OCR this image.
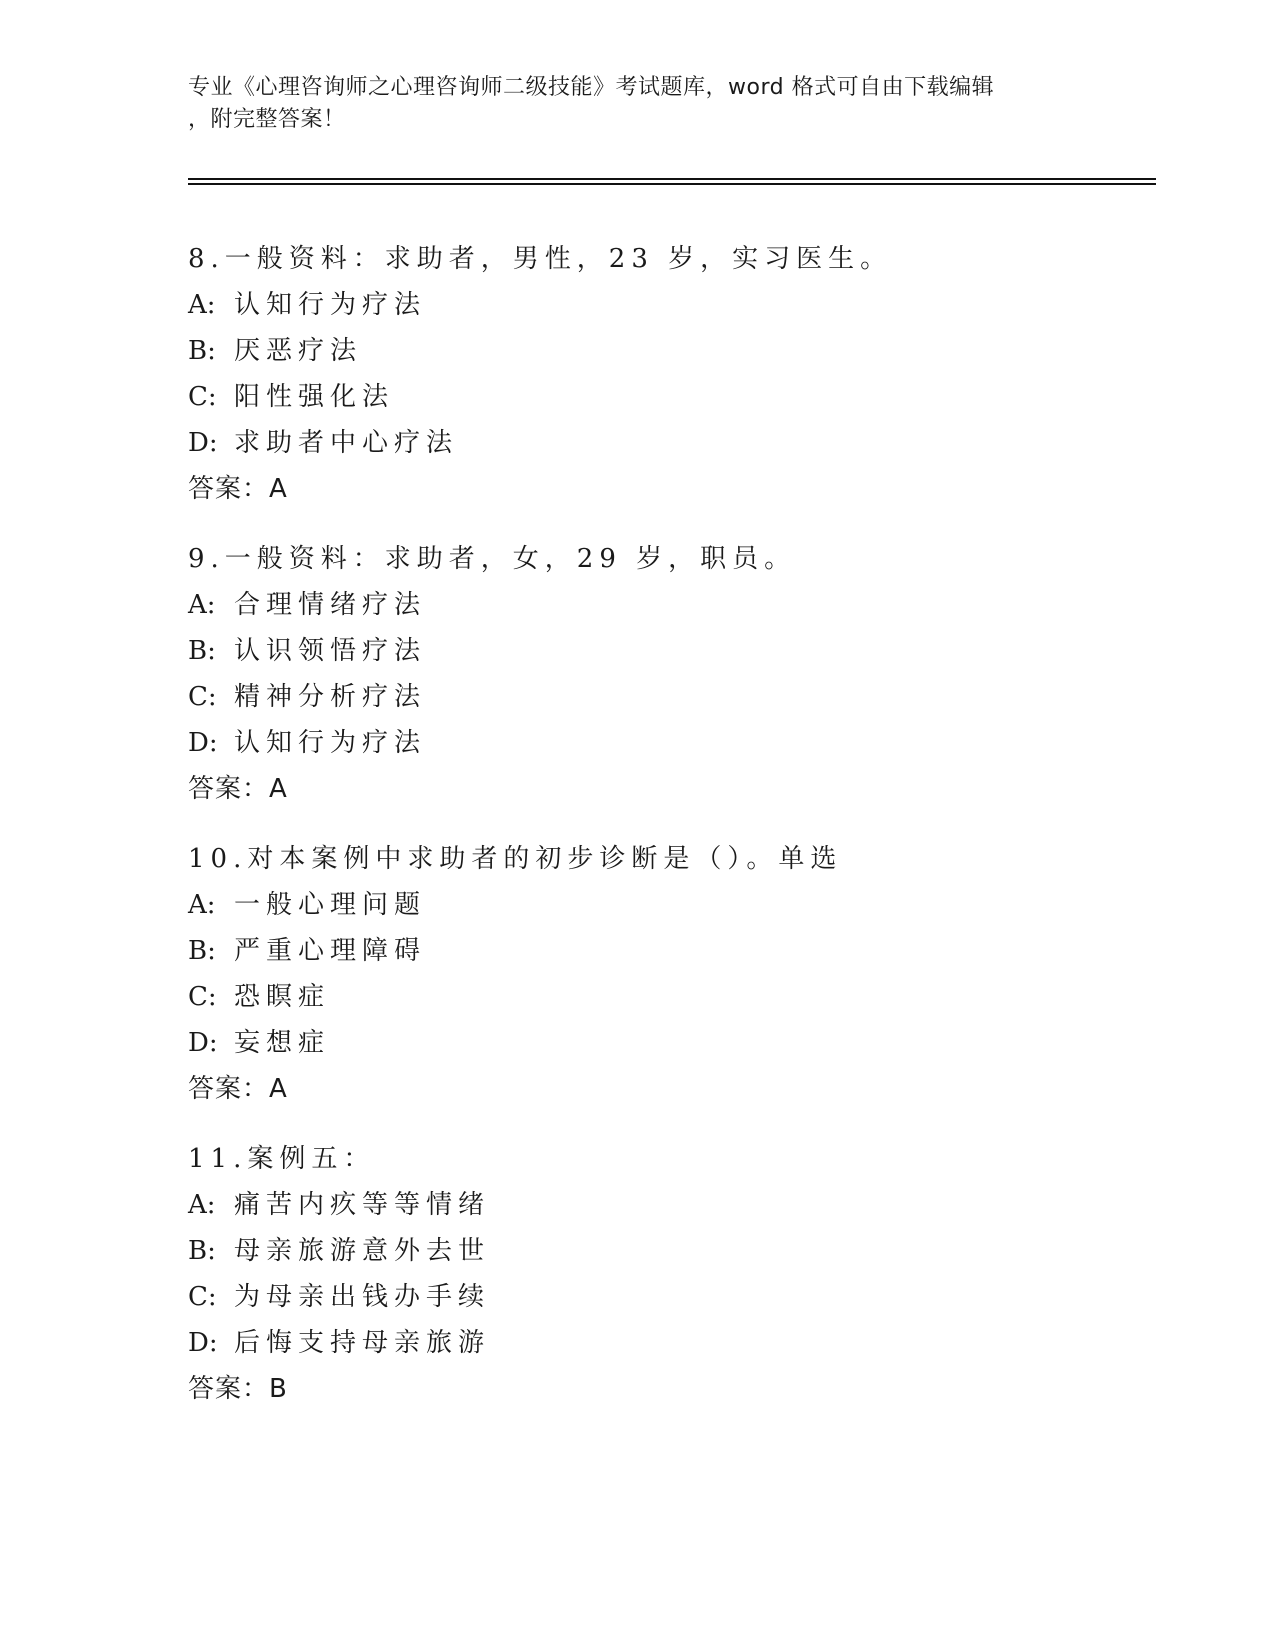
专业《心理咨询师之心理咨询师二级技能》考试题库，word 格式可自由下载编辑
，附完整答案！
8.一般资料：求助者，男性，23 岁，实习医生。
A: 认知行为疗法
B: 厌恶疗法
C: 阳性强化法
D: 求助者中心疗法
答案：A
9.一般资料：求助者，女，29 岁，职员。
A: 合理情绪疗法
B: 认识领悟疗法
C: 精神分析疗法
D: 认知行为疗法
答案：A
10.对本案例中求助者的初步诊断是（）。单选
A: 一般心理问题
B: 严重心理障碍
C: 恐瞑症
D: 妄想症
答案：A
11.案例五：
A: 痛苦内疚等等情绪
B: 母亲旅游意外去世
C: 为母亲出钱办手续
D: 后悔支持母亲旅游
答案：B
